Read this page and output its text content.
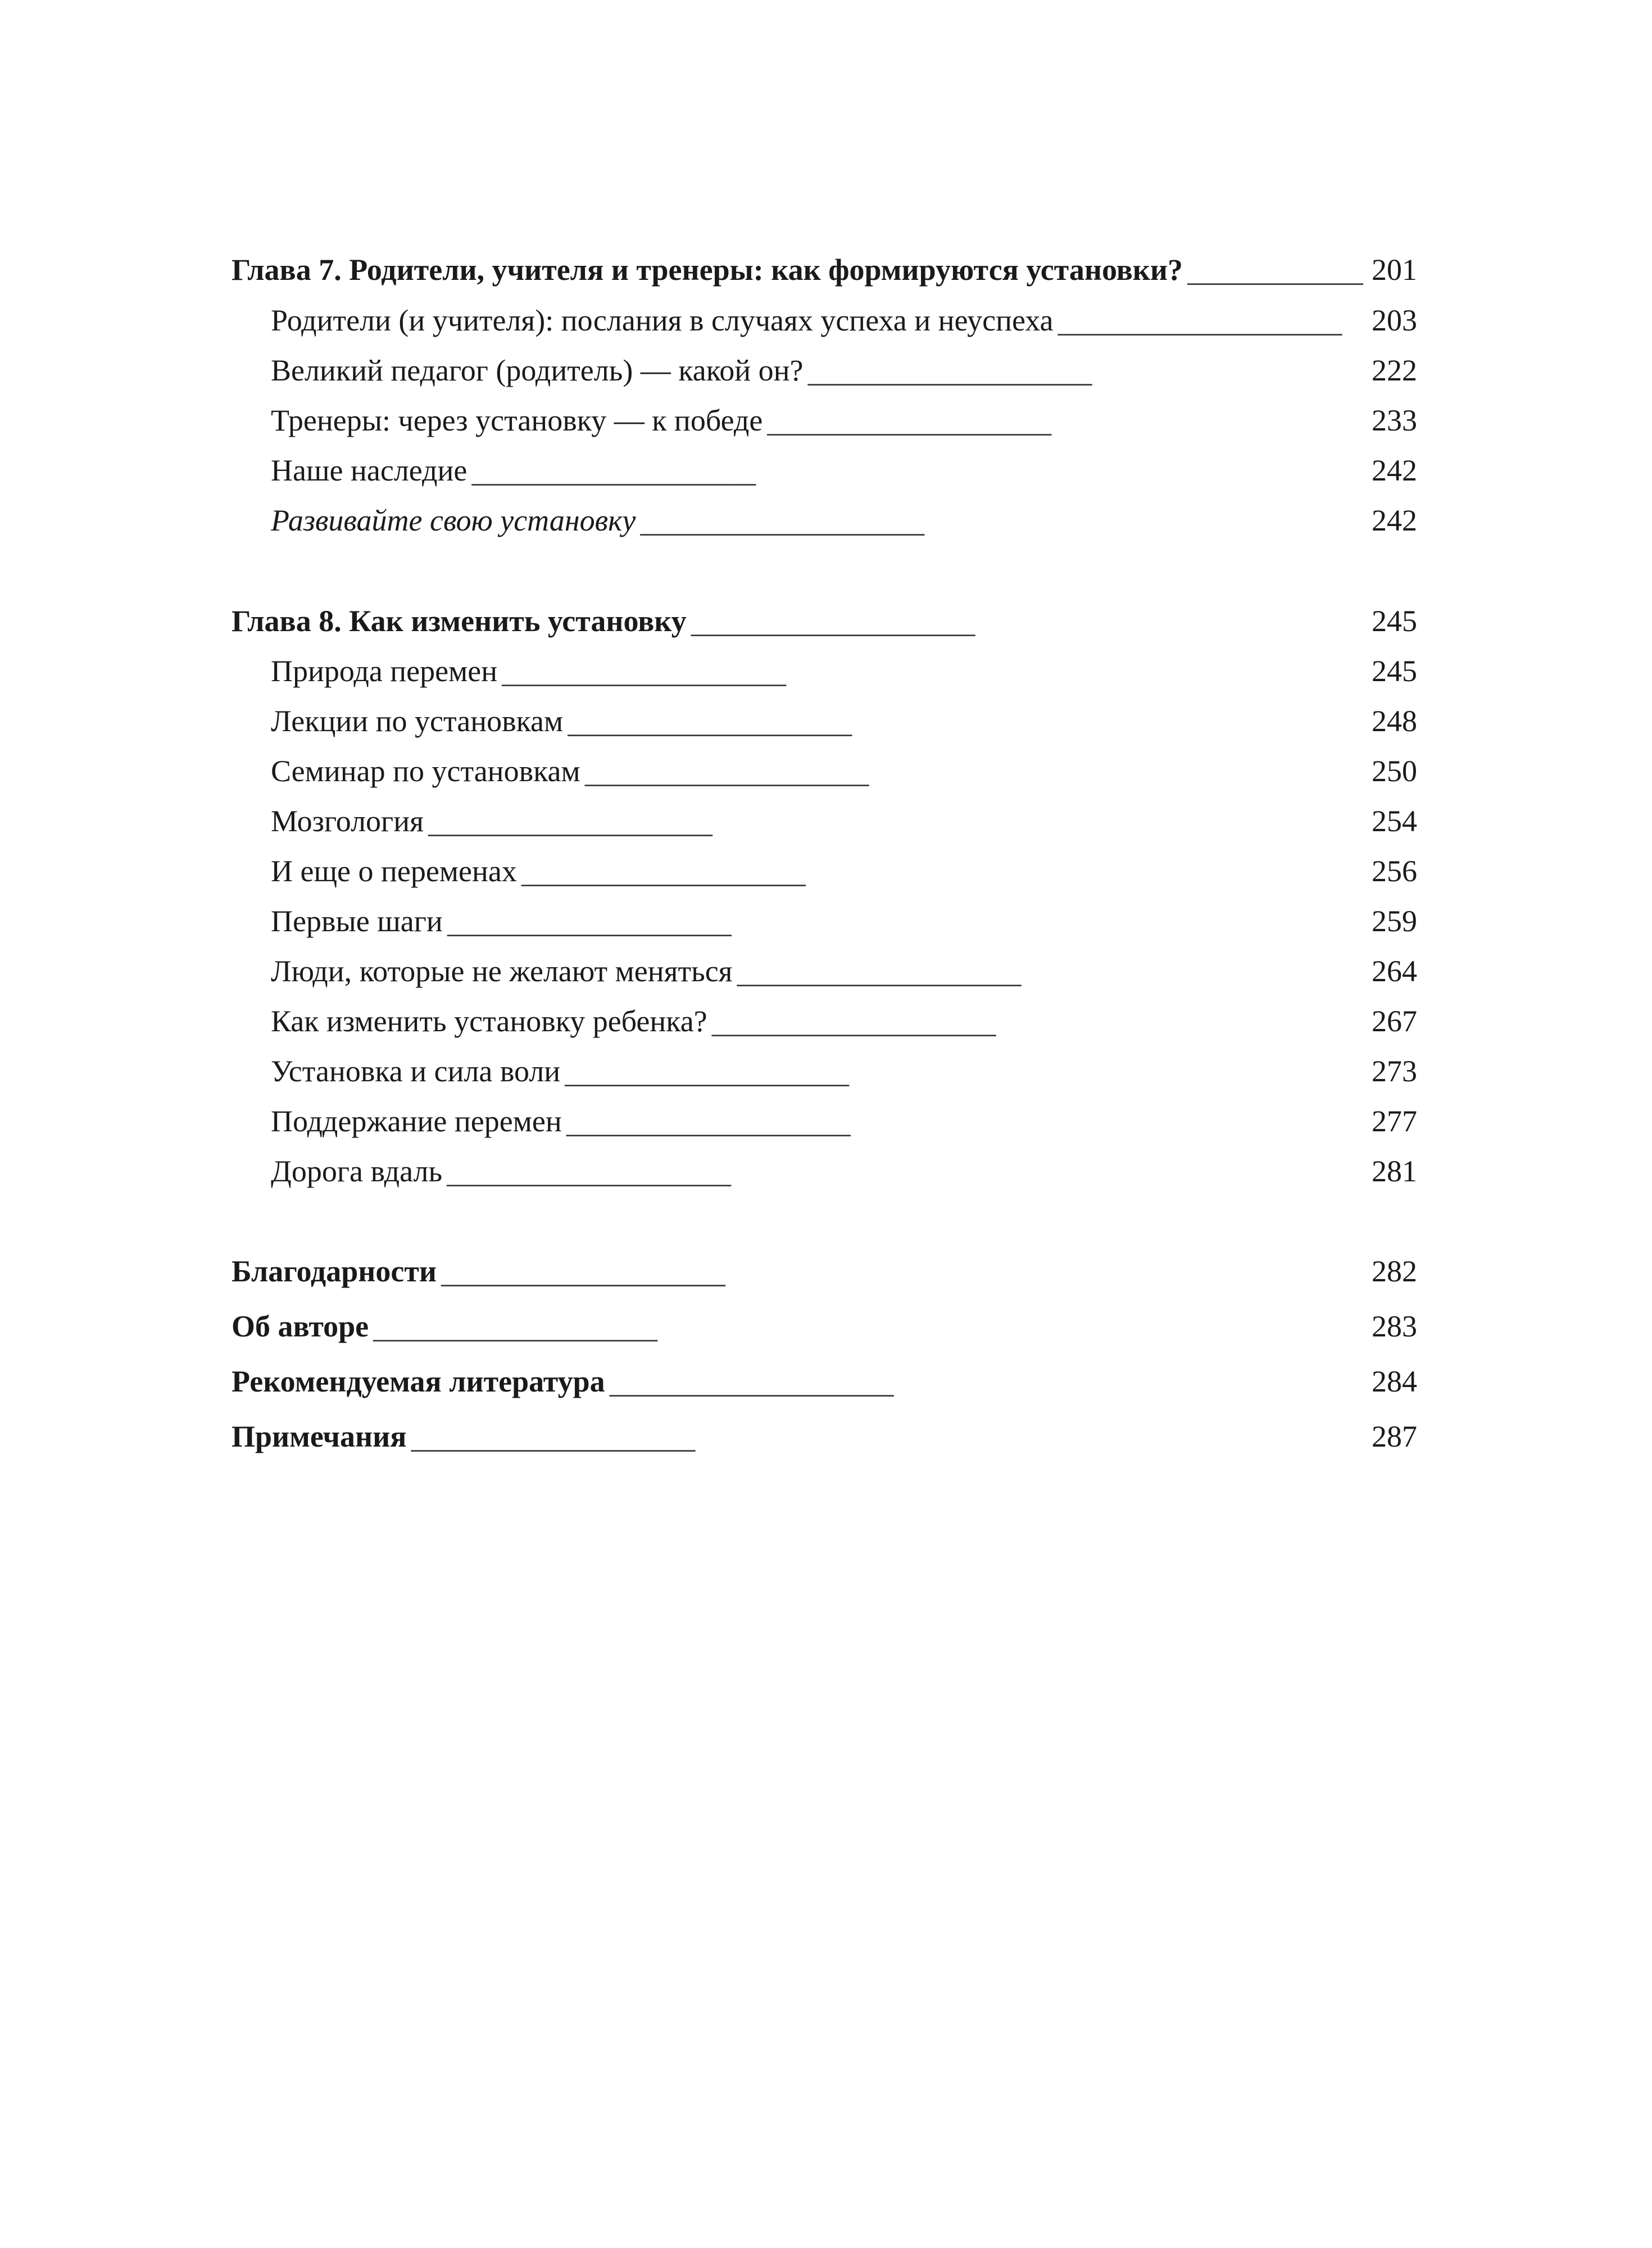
Глава 7. Родители, учителя и тренеры: как формируются установки? . . .	201
Родители (и учителя): послания в случаях успеха и неуспеха . . .	203
Великий педагог (родитель) — какой он? . . .	222
Тренеры: через установку — к победе . . .	233
Наше наследие . . .	242
Развивайте свою установку . . .	242
Глава 8. Как изменить установку . . .	245
Природа перемен . . .	245
Лекции по установкам . . .	248
Семинар по установкам . . .	250
Мозгология . . .	254
И еще о переменах . . .	256
Первые шаги . . .	259
Люди, которые не желают меняться . . .	264
Как изменить установку ребенка? . . .	267
Установка и сила воли . . .	273
Поддержание перемен . . .	277
Дорога вдаль . . .	281
Благодарности . . .	282
Об авторе . . .	283
Рекомендуемая литература . . .	284
Примечания . . .	287
